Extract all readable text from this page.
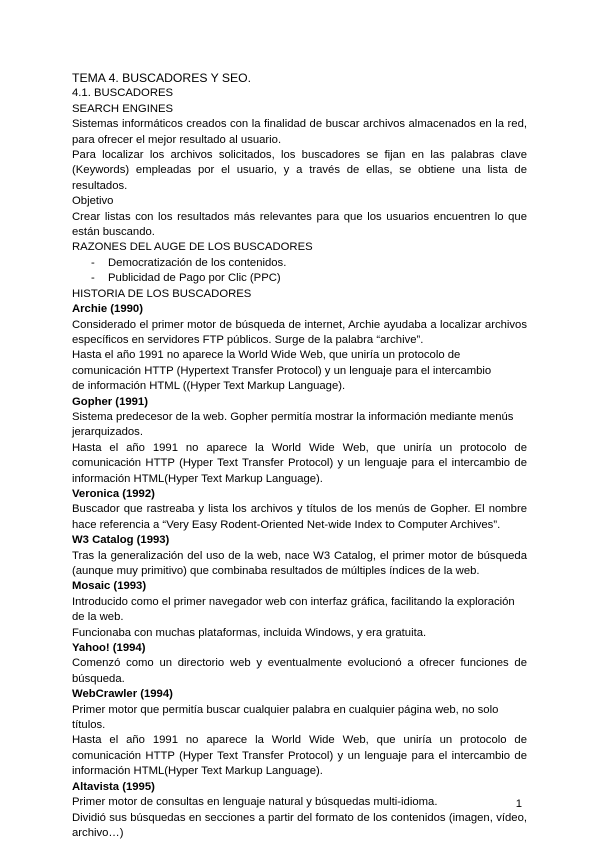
TEMA 4. BUSCADORES Y SEO.

4.1. BUSCADORES

SEARCH ENGINES

Sistemas informáticos creados con la finalidad de buscar archivos almacenados en la red, para ofrecer el mejor resultado al usuario.

Para localizar los archivos solicitados, los buscadores se fijan en las palabras clave (Keywords) empleadas por el usuario, y a través de ellas, se obtiene una lista de resultados.

Objetivo

Crear listas con los resultados más relevantes para que los usuarios encuentren lo que están buscando.

RAZONES DEL AUGE DE LOS BUSCADORES

- Democratización de los contenidos.
- Publicidad de Pago por Clic (PPC)

HISTORIA DE LOS BUSCADORES

Archie (1990)

Considerado el primer motor de búsqueda de internet, Archie ayudaba a localizar archivos específicos en servidores FTP públicos. Surge de la palabra “archive”.

Hasta el año 1991 no aparece la World Wide Web, que uniría un protocolo de

comunicación HTTP (Hypertext Transfer Protocol) y un lenguaje para el intercambio

de información HTML ((Hyper Text Markup Language).

Gopher (1991)

Sistema predecesor de la web. Gopher permitía mostrar la información mediante menús jerarquizados.

Hasta el año 1991 no aparece la World Wide Web, que uniría un protocolo de comunicación HTTP (Hyper Text Transfer Protocol) y un lenguaje para el intercambio de información HTML(Hyper Text Markup Language).

Veronica (1992)

Buscador que rastreaba y lista los archivos y títulos de los menús de Gopher. El nombre hace referencia a “Very Easy Rodent-Oriented Net-wide Index to Computer Archives”.

W3 Catalog (1993)

Tras la generalización del uso de la web, nace W3 Catalog, el primer motor de búsqueda (aunque muy primitivo) que combinaba resultados de múltiples índices de la web.

Mosaic (1993)

Introducido como el primer navegador web con interfaz gráfica, facilitando la exploración de la web.

Funcionaba con muchas plataformas, incluida Windows, y era gratuita.

Yahoo! (1994)

Comenzó como un directorio web y eventualmente evolucionó a ofrecer funciones de búsqueda.

WebCrawler (1994)

Primer motor que permitía buscar cualquier palabra en cualquier página web, no solo títulos.

Hasta el año 1991 no aparece la World Wide Web, que uniría un protocolo de comunicación HTTP (Hyper Text Transfer Protocol) y un lenguaje para el intercambio de información HTML(Hyper Text Markup Language).

Altavista (1995)

Primer motor de consultas en lenguaje natural y búsquedas multi-idioma.

Dividió sus búsquedas en secciones a partir del formato de los contenidos (imagen, vídeo, archivo…)

1
